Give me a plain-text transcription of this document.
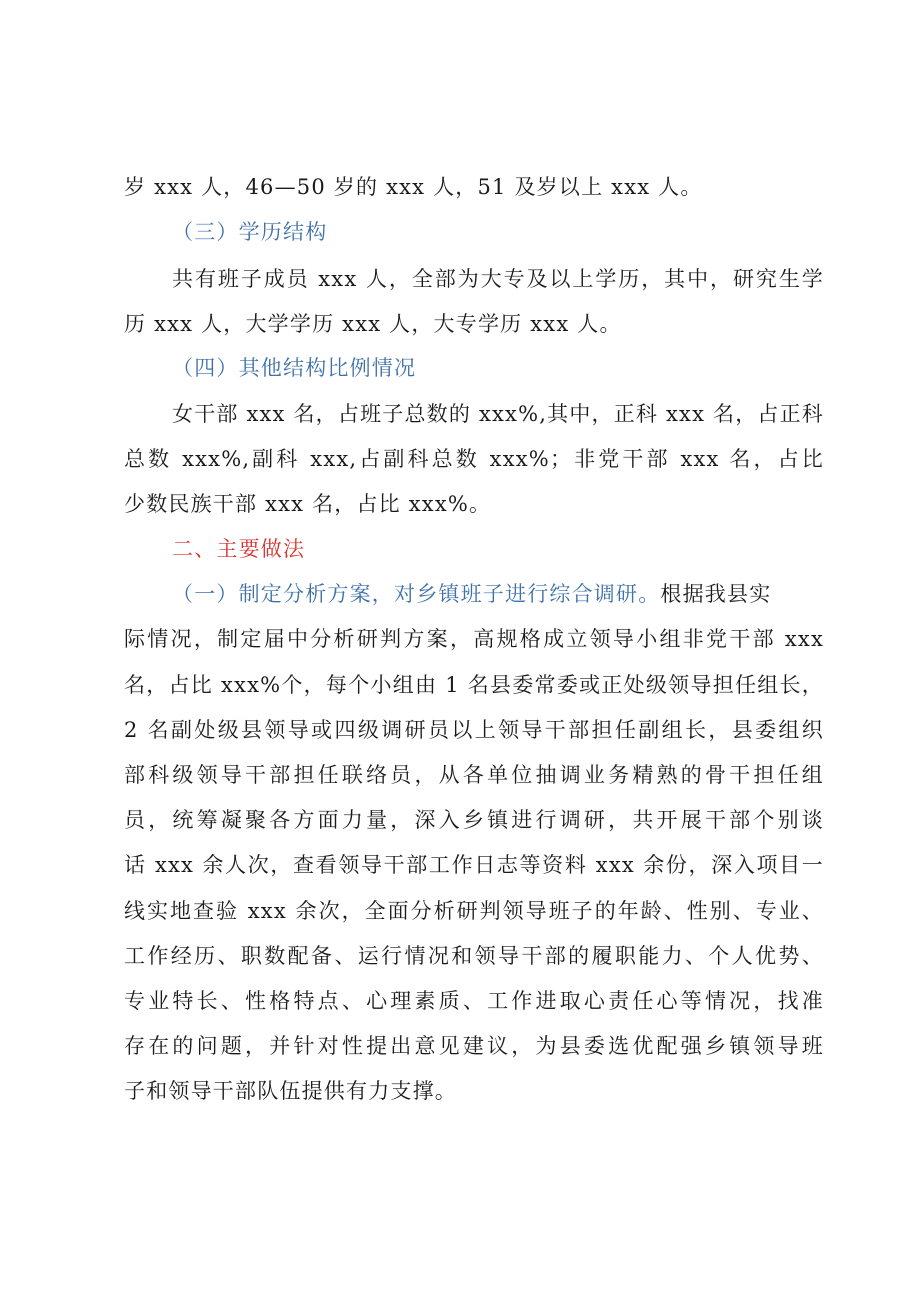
岁 xxx 人，46—50 岁的 xxx 人，51 及岁以上 xxx 人。
（三）学历结构
共有班子成员 xxx 人，全部为大专及以上学历，其中，研究生学
历 xxx 人，大学学历 xxx 人，大专学历 xxx 人。
（四）其他结构比例情况
女干部 xxx 名，占班子总数的 xxx%,其中，正科 xxx 名，占正科
总数 xxx%,副科 xxx,占副科总数 xxx%；非党干部 xxx 名，占比
少数民族干部 xxx 名，占比 xxx%。
二、主要做法
（一）制定分析方案，对乡镇班子进行综合调研。根据我县实
际情况，制定届中分析研判方案，高规格成立领导小组非党干部 xxx
名，占比 xxx%个，每个小组由 1 名县委常委或正处级领导担任组长，
2 名副处级县领导或四级调研员以上领导干部担任副组长，县委组织
部科级领导干部担任联络员，从各单位抽调业务精熟的骨干担任组
员，统筹凝聚各方面力量，深入乡镇进行调研，共开展干部个别谈
话 xxx 余人次，查看领导干部工作日志等资料 xxx 余份，深入项目一
线实地查验 xxx 余次，全面分析研判领导班子的年龄、性别、专业、
工作经历、职数配备、运行情况和领导干部的履职能力、个人优势、
专业特长、性格特点、心理素质、工作进取心责任心等情况，找准
存在的问题，并针对性提出意见建议，为县委选优配强乡镇领导班
子和领导干部队伍提供有力支撑。
